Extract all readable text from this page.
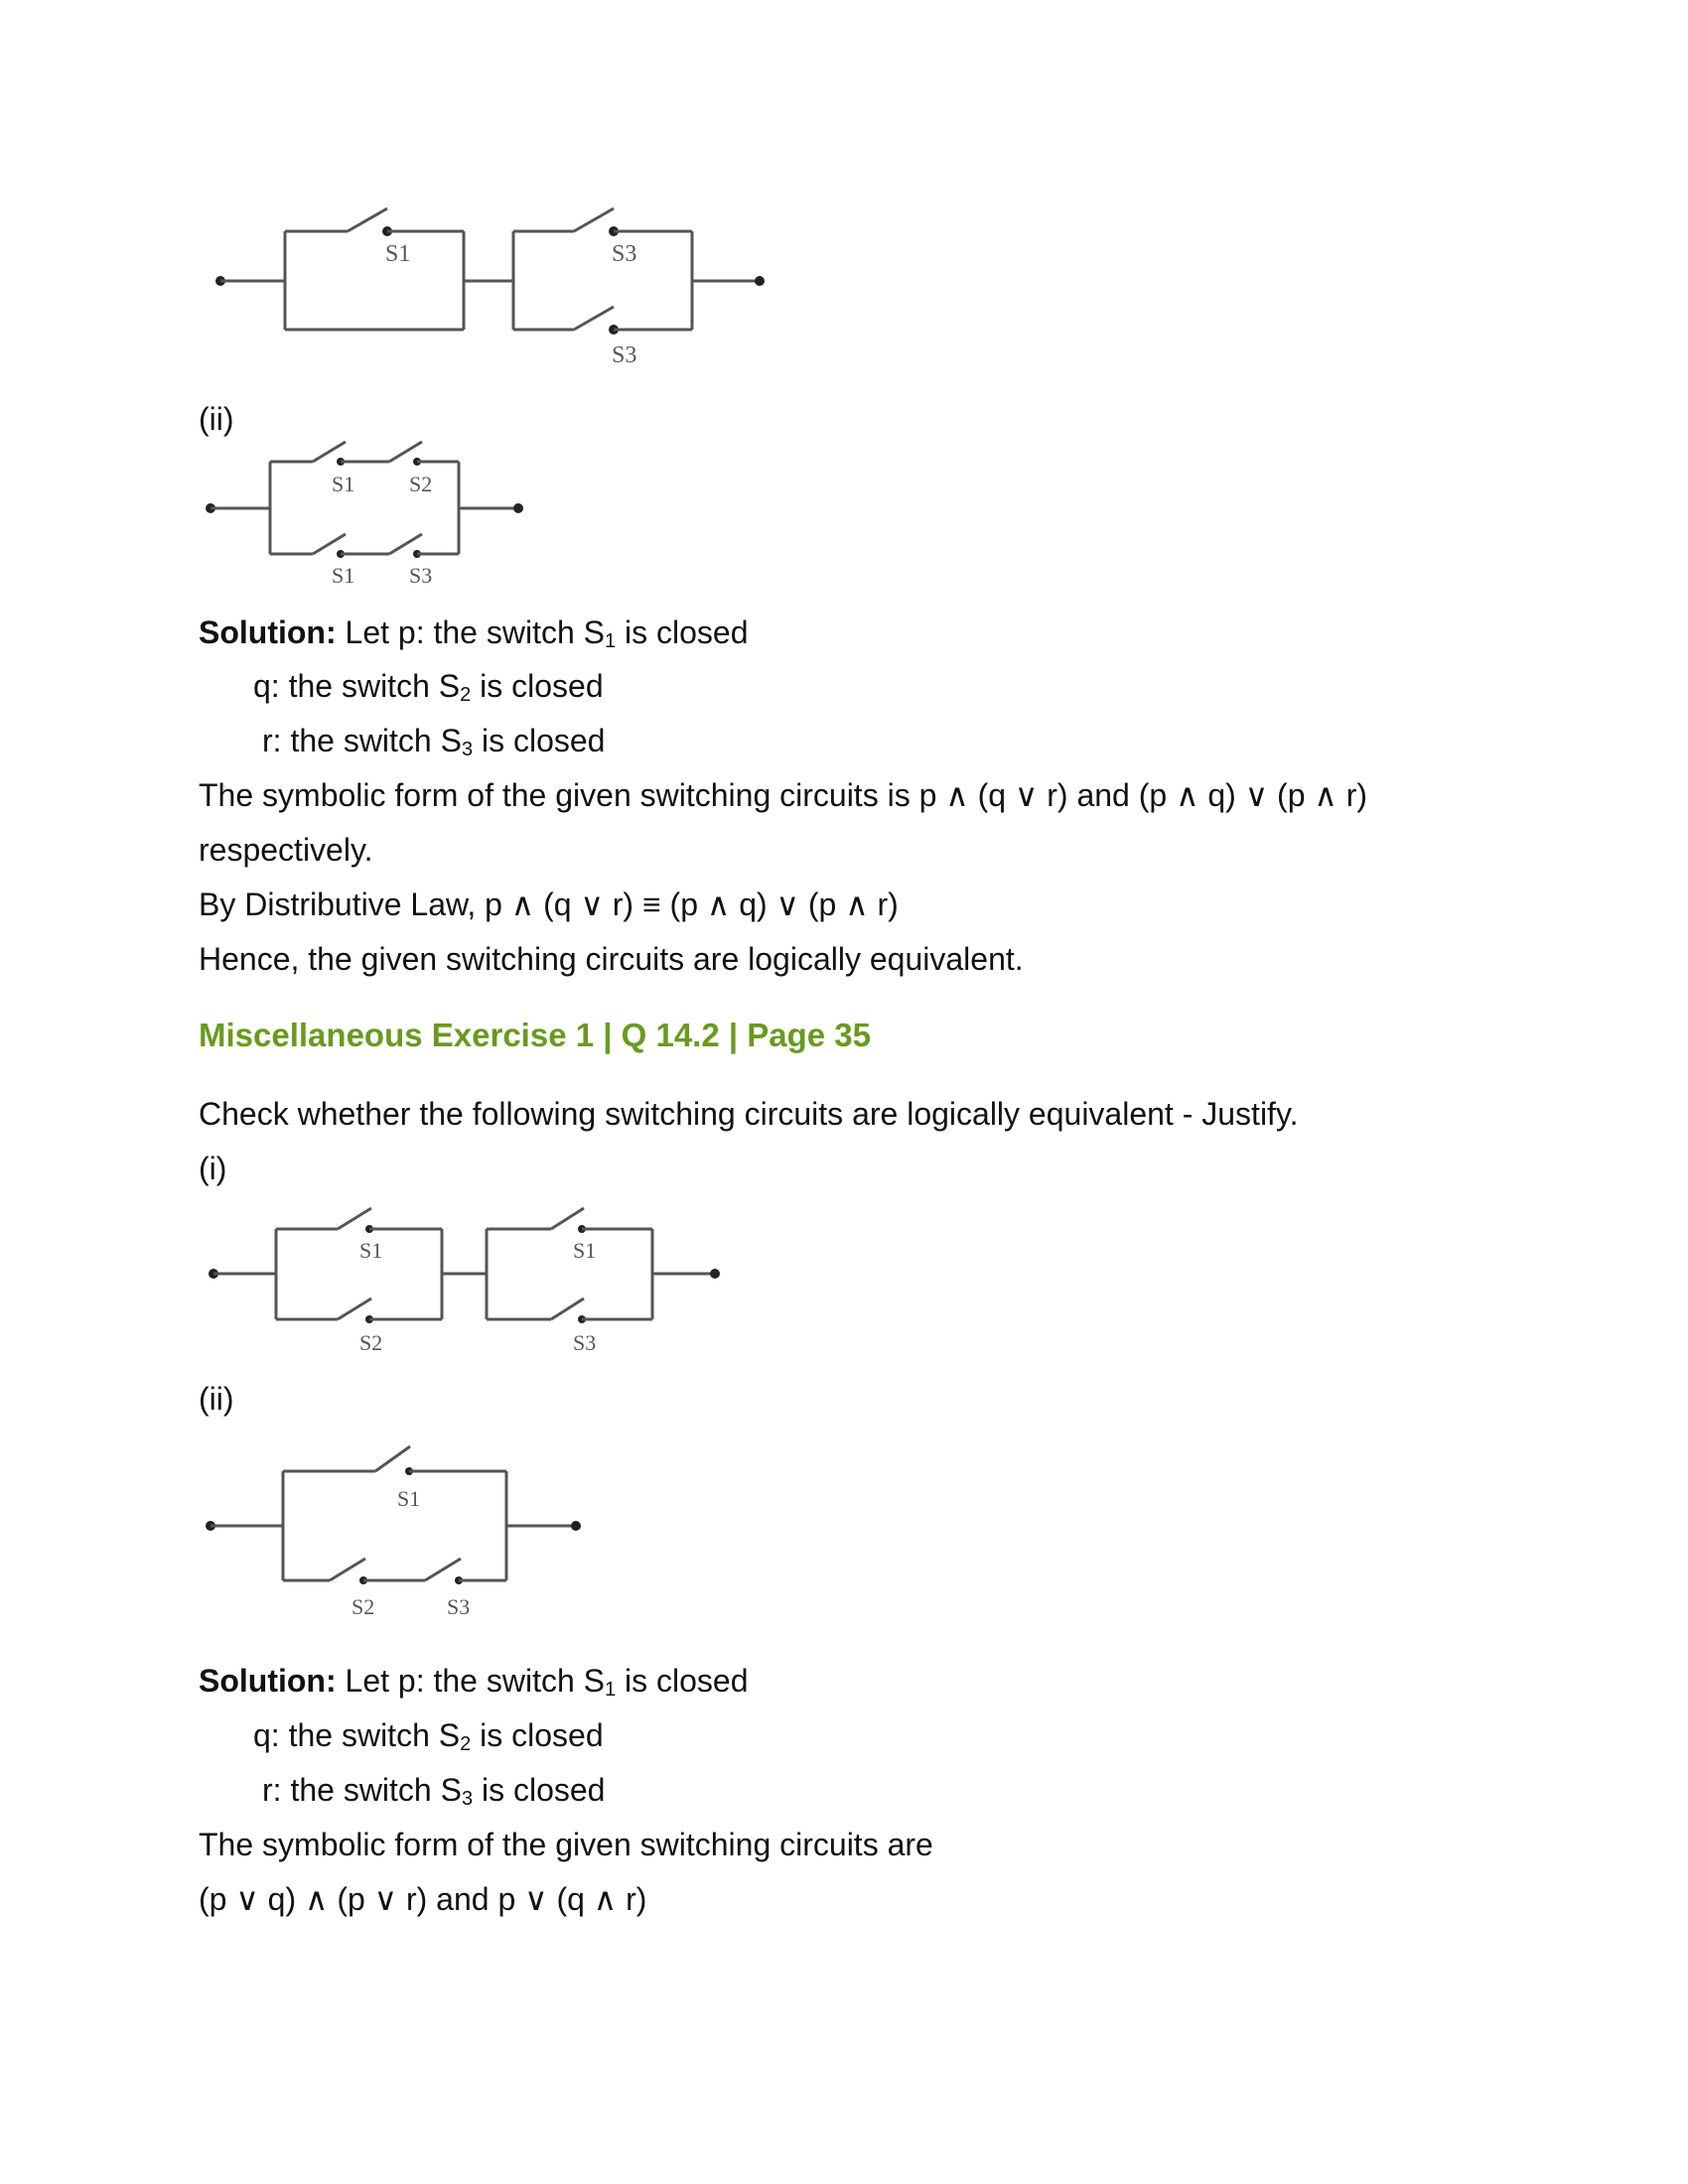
S1	S3
S3
(ii)
S1 S2
S1 S3
Solution: Let p: the switch $S_1$ is closed
q: the switch $S_2$ is closed
r: the switch $S_3$ is closed
The symbolic form of the given switching circuits is p ∧ (q ∨ r) and (p ∧ q) ∨ (p ∧ r)
respectively.
By Distributive Law, p ∧ (q ∨ r) ≡ (p ∧ q) ∨ (p ∧ r)
Hence, the given switching circuits are logically equivalent.
Miscellaneous Exercise 1 | Q 14.2 | Page 35
Check whether the following switching circuits are logically equivalent - Justify.
(i)
S1
S2
S1
S3
(ii)
S1
S2	S3
Solution: Let p: the switch $S_1$ is closed
q: the switch $S_2$ is closed
r: the switch $S_3$ is closed
The symbolic form of the given switching circuits are
(p ∨ q) ∧ (p ∨ r) and p ∨ (q ∧ r)
